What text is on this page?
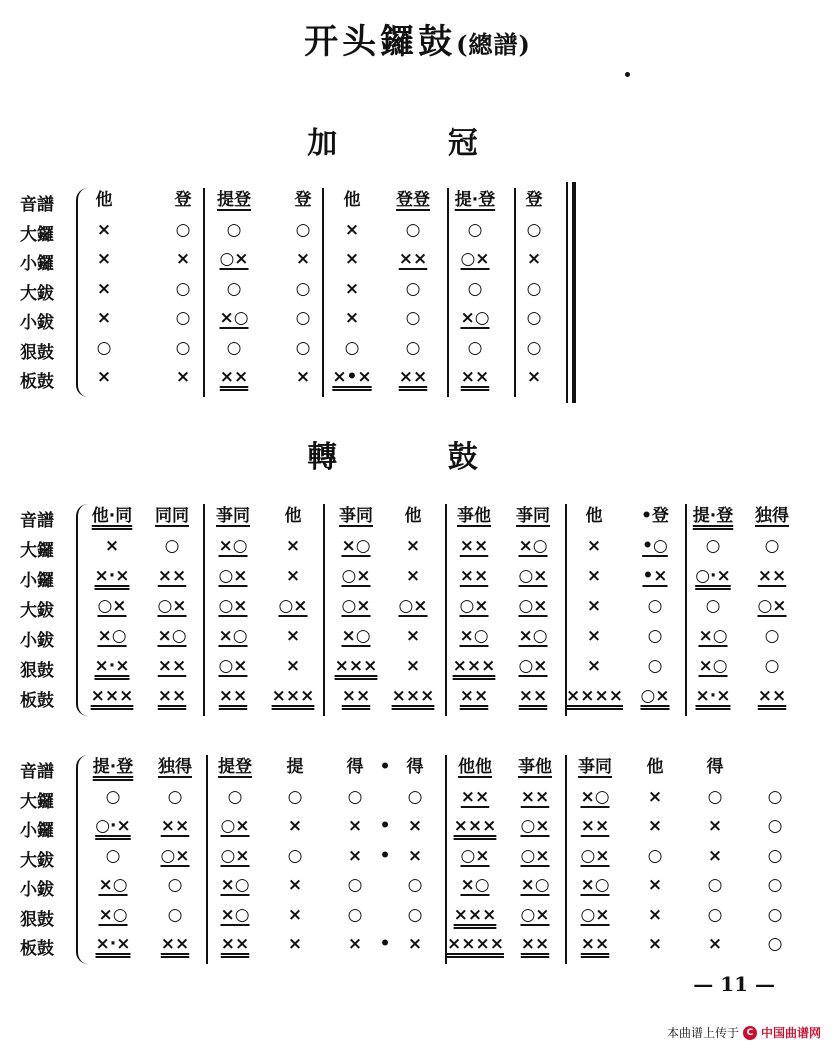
开头鑼鼓(總譜)
加 冠
轉 鼓
音譜
大鑼
小鑼
大鈸
小鈸
狠鼓
板鼓
他
×
×
×
×
○
×
登
○
×
○
○
○
×
提登
○
○×
○
×○
○
××
登
○
×
○
○
○
×
他
×
×
×
×
○
×•×
登登
○
××
○
○
○
××
提·登
○
○×
○
×○
○
××
登
○
×
○
○
○
×
音譜
大鑼
小鑼
大鈸
小鈸
狠鼓
板鼓
他·同
×
×·×
○×
×○
×·×
×××
同同
○
××
○×
×○
××
××
亊同
×○
○×
○×
×○
○×
××
他
×
×
○×
×
×
×××
亊同
×○
○×
○×
×○
×××
××
他
×
×
○×
×
×
×××
亊他
××
××
○×
×○
×××
××
亊同
×○
○×
○×
×○
○×
××
他
×
×
×
×
×
××××
•登
•○
•×
○
○
○
○×
提·登
○
○·×
○
×○
×○
×·×
独得
○
××
○×
○
○
××
音譜
大鑼
小鑼
大鈸
小鈸
狠鼓
板鼓
提·登
○
○·×
○
×○
×○
×·×
独得
○
××
○×
○
○
××
提登
○
○×
○×
×○
×○
××
提
○
×
○
×
×
×
得
○
×
×
○
○
×
•
•
•
•
得
○
×
×
○
○
×
他他
××
×××
○×
×○
×××
××××
亊他
××
○×
○×
×○
○×
××
亊同
×○
××
○×
×○
○×
××
他
×
×
○
×
×
×
得
○
×
×
○
○
×
○
○
○
○
○
○
— 11 —
本曲谱上传于 C 中国曲谱网
